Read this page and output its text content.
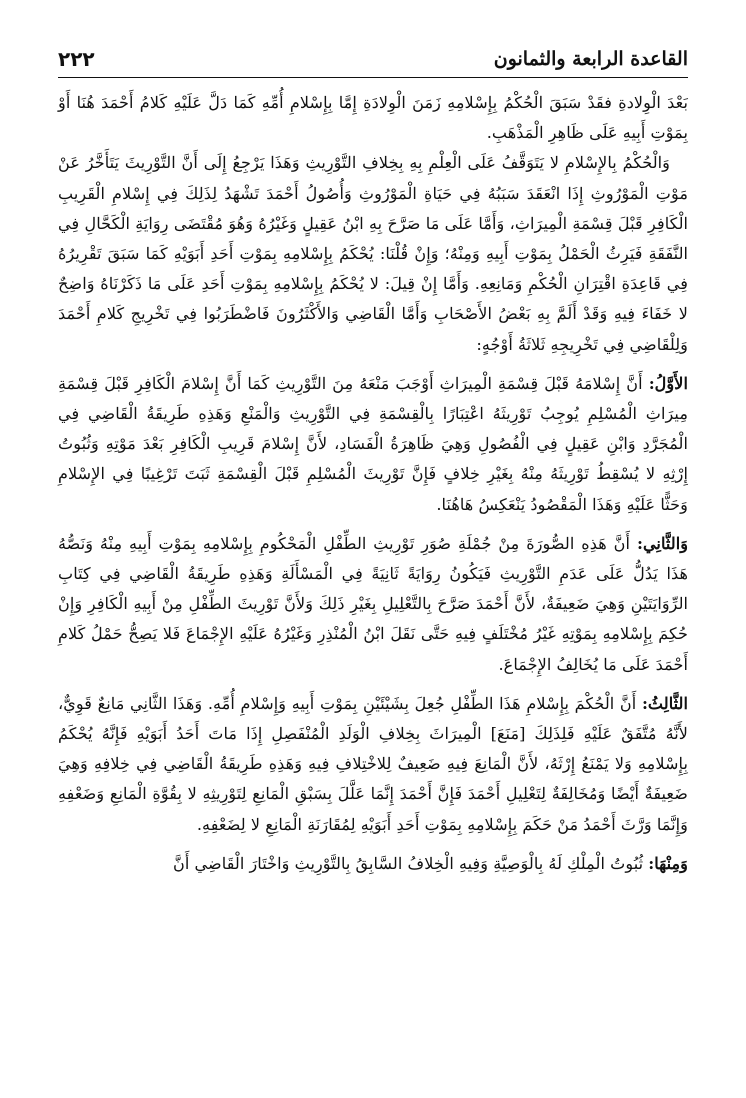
القاعدة الرابعة والثمانون
٢٢٢

بَعْدَ الْوِلادةِ فقَدْ سَبَقَ الْحُكْمُ بِإِسْلامِهِ زَمَنَ الْوِلادَةِ إِمَّا بِإِسْلامِ أُمِّهِ كَمَا دَلَّ عَلَيْهِ كَلامُ أَحْمَدَ هُنَا أَوْ بِمَوْتِ أَبِيهِ عَلَى ظَاهِرِ الْمَذْهَبِ.

وَالْحُكْمُ بِالإِسْلامِ لا يَتَوَقَّفُ عَلَى الْعِلْمِ بِهِ بِخِلافِ التَّوْرِيثِ وَهَذَا يَرْجِعُ إِلَى أَنَّ التَّوْرِيثَ يَتَأَخَّرُ عَنْ مَوْتِ الْمَوْرُوثِ إِذَا انْعَقَدَ سَبَبُهُ فِي حَيَاةِ الْمَوْرُوثِ وَأُصُولُ أَحْمَدَ تَشْهَدُ لِذَلِكَ فِي إِسْلامِ الْقَرِيبِ الْكَافِرِ قَبْلَ قِسْمَةِ الْمِيرَاثِ، وَأَمَّا عَلَى مَا صَرَّحَ بِهِ ابْنُ عَقِيلٍ وَغَيْرُهُ وَهُوَ مُقْتَضَى رِوَايَةِ الْكَحَّالِ فِي النَّفَقَةِ فَيَرِثُ الْحَمْلُ بِمَوْتِ أَبِيهِ وَمِنْهُ؛ وَإِنْ قُلْنَا: يُحْكَمُ بِإِسْلامِهِ بِمَوْتِ أَحَدِ أَبَوَيْهِ كَمَا سَبَقَ تَقْرِيرُهُ فِي قَاعِدَةِ اقْتِرَانِ الْحُكْمِ وَمَانِعِهِ. وَأَمَّا إِنْ قِيلَ: لا يُحْكَمُ بِإِسْلامِهِ بِمَوْتِ أَحَدِ عَلَى مَا ذَكَرْنَاهُ وَاضِحٌ لا خَفَاءَ فِيهِ وَقَدْ أَلَمَّ بِهِ بَعْضُ الأَصْحَابِ وَأَمَّا الْقَاضِي وَالأَكْثَرُونَ فَاضْطَرَبُوا فِي تَخْرِيجِ كَلامِ أَحْمَدَ وَلِلْقَاضِي فِي تَخْرِيجِهِ ثَلاثَةُ أَوْجُهٍ:

الأَوَّلُ: أَنَّ إِسْلامَهُ قَبْلَ قِسْمَةِ الْمِيرَاثِ أَوْجَبَ مَنْعَهُ مِنَ التَّوْرِيثِ كَمَا أَنَّ إِسْلامَ الْكَافِرِ قَبْلَ قِسْمَةِ مِيرَاثِ الْمُسْلِمِ يُوجِبُ تَوْرِيثَهُ اعْتِبَارًا بِالْقِسْمَةِ فِي التَّوْرِيثِ وَالْمَنْعِ وَهَذِهِ طَرِيقَةُ الْقَاضِي فِي الْمُجَرَّدِ وَابْنِ عَقِيلٍ فِي الْفُصُولِ وَهِيَ ظَاهِرَةُ الْفَسَادِ، لأَنَّ إِسْلامَ قَرِيبِ الْكَافِرِ بَعْدَ مَوْتِهِ وَثُبُوتُ إِرْثِهِ لا يُسْقِطُ تَوْرِيثَهُ مِنْهُ بِغَيْرِ خِلافٍ فَإِنَّ تَوْرِيثَ الْمُسْلِمِ قَبْلَ الْقِسْمَةِ ثَبَتَ تَرْغِيبًا فِي الإِسْلامِ وَحَثًّا عَلَيْهِ وَهَذَا الْمَقْصُودُ يَنْعَكِسُ هَاهُنَا.

وَالثَّانِي: أَنَّ هَذِهِ الصُّورَةَ مِنْ جُمْلَةِ صُوَرِ تَوْرِيثِ الطِّفْلِ الْمَحْكُومِ بِإِسْلامِهِ بِمَوْتِ أَبِيهِ مِنْهُ وَنَصُّهُ هَذَا يَدُلُّ عَلَى عَدَمِ التَّوْرِيثِ فَيَكُونُ رِوَايَةً ثَانِيَةً فِي الْمَسْأَلَةِ وَهَذِهِ طَرِيقَةُ الْقَاضِي فِي كِتَابِ الرِّوَايَتَيْنِ وَهِيَ ضَعِيفَةٌ، لأَنَّ أَحْمَدَ صَرَّحَ بِالتَّعْلِيلِ بِغَيْرِ ذَلِكَ وَلأَنَّ تَوْرِيثَ الطِّفْلِ مِنْ أَبِيهِ الْكَافِرِ وَإِنْ حُكِمَ بِإِسْلامِهِ بِمَوْتِهِ غَيْرُ مُخْتَلَفٍ فِيهِ حَتَّى نَقَلَ ابْنُ الْمُنْذِرِ وَغَيْرُهُ عَلَيْهِ الإِجْمَاعَ فَلا يَصِحُّ حَمْلُ كَلامِ أَحْمَدَ عَلَى مَا يُخَالِفُ الإِجْمَاعَ.

الثَّالِثُ: أَنَّ الْحُكْمَ بِإِسْلامِ هَذَا الطِّفْلِ جُعِلَ بِشَيْئَيْنِ بِمَوْتِ أَبِيهِ وَإِسْلامِ أُمِّهِ. وَهَذَا الثَّانِي مَانِعٌ قَوِيٌّ، لأَنَّهُ مُتَّفَقٌ عَلَيْهِ فَلِذَلِكَ [مَنَعَ] الْمِيرَاثَ بِخِلافِ الْوَلَدِ الْمُنْفَصِلِ إِذَا مَاتَ أَحَدُ أَبَوَيْهِ فَإِنَّهُ يُحْكَمُ بِإِسْلامِهِ وَلا يَمْنَعُ إِرْثَهُ، لأَنَّ الْمَانِعَ فِيهِ ضَعِيفٌ لِلاخْتِلافِ فِيهِ وَهَذِهِ طَرِيقَةُ الْقَاضِي فِي خِلافِهِ وَهِيَ ضَعِيفَةٌ أَيْضًا وَمُخَالِفَةٌ لِتَعْلِيلِ أَحْمَدَ فَإِنَّ أَحْمَدَ إِنَّمَا عَلَّلَ بِسَبْقِ الْمَانِعِ لِتَوْرِيثِهِ لا بِقُوَّةِ الْمَانِعِ وَضَعْفِهِ وَإِنَّمَا وَرَّثَ أَحْمَدُ مَنْ حَكَمَ بِإِسْلامِهِ بِمَوْتِ أَحَدِ أَبَوَيْهِ لِمُقَارَنَةِ الْمَانِعِ لا لِضَعْفِهِ.

وَمِنْهَا: ثُبُوتُ الْمِلْكِ لَهُ بِالْوَصِيَّةِ وَفِيهِ الْخِلافُ السَّابِقُ بِالتَّوْرِيثِ وَاخْتَارَ الْقَاضِي أَنَّ
